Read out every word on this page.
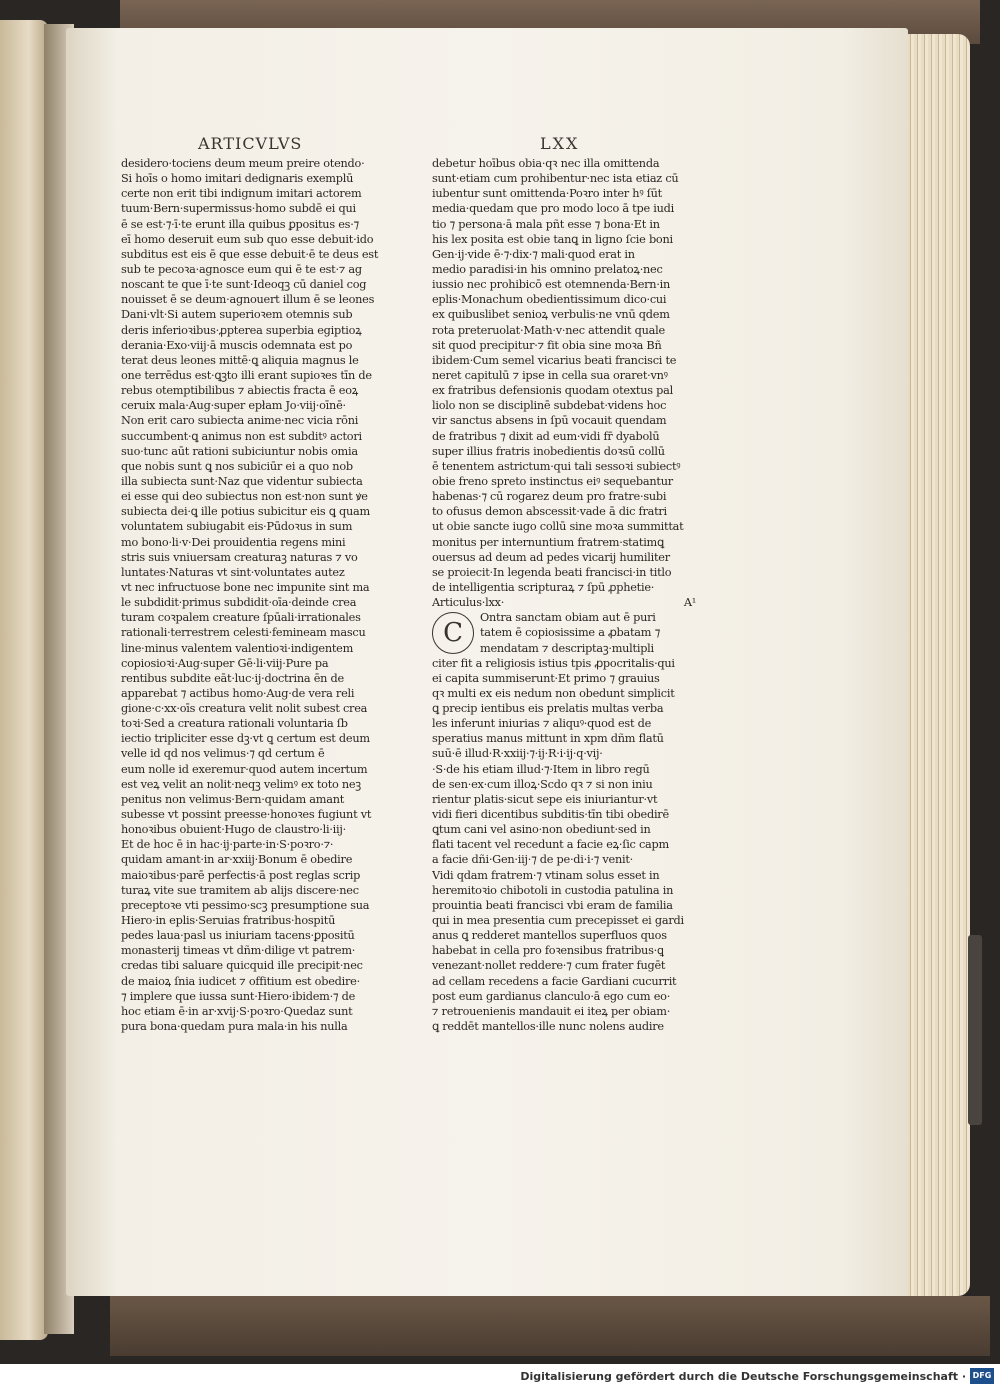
ARTICVLVS	LXX
desidero·tociens deum meum preire otendo·
Si hoīs o homo imitari dedignaris exemplū
certe non erit tibi indignum imitari actorem
tuum·Bern·supermissus·homo subdē ei qui
ē se est·⁊·ī·te erunt illa quibus ꝑpositus es·⁊
eī homo deseruit eum sub quo esse debuit·ido
subditus est eis ē que esse debuit·ē te deus est
sub te pecoꝛa·agnosce eum qui ē te est·⁊ ag
noscant te que ī·te sunt·Ideoqꝫ cū daniel cog
nouisset ē se deum·agnouert illum ē se leones
Dani·vlt·Si autem superioꝛem otemnis sub
deris inferioꝛibus·ꝓpterea superbia egiptioꝝ
derania·Exo·viij·ā muscis odemnata est po
terat deus leones mittē·ꝗ aliquia magnus le
one terrēdus est·ꝗꝫto illi erant supioꝛes tīn de
rebus otemptibilibus ⁊ abiectis fracta ē eoꝝ
ceruix mala·Aug·super epłam Jo·viij·oīnē·
Non erit caro subiecta anime·nec vicia rōni
succumbent·ꝗ animus non est subditꝰ actori
suo·tunc aūt rationi subiciuntur nobis omia
que nobis sunt ꝗ nos subiciūr ei a quo nob
illa subiecta sunt·Naz que videntur subiecta
ei esse qui deo subiectus non est·non sunt ꝟe
subiecta dei·ꝗ ille potius subicitur eis ꝗ quam
voluntatem subiugabit eis·Pūdoꝛus in sum
mo bono·li·v·Dei prouidentia regens mini
stris suis vniuersam creaturaꝫ naturas ⁊ vo
luntates·Naturas vt sint·voluntates autez
vt nec infructuose bone nec impunite sint ma
le subdidit·primus subdidit·oīa·deinde crea
turam coꝛpalem creature ſpūali·irrationales
rationali·terrestrem celesti·femineam mascu
line·minus valentem valentioꝛi·indigentem
copiosioꝛi·Aug·super Gē·li·viij·Pure pa
rentibus subdite eāt·luc·ij·doctrina ēn de
apparebat ⁊ actibus homo·Aug·de vera reli
gione·c·xx·oīs creatura velit nolit subest crea
toꝛi·Sed a creatura rationali voluntaria ſb
iectio tripliciter esse dꝫ·vt ꝗ certum est deum
velle id qd nos velimus·⁊ qd certum ē
eum nolle id exeremur·quod autem incertum
est veꝝ velit an nolit·neqꝫ velimꝰ ex toto neꝫ
penitus non velimus·Bern·quidam amant
subesse vt possint preesse·honoꝛes fugiunt vt
honoꝛibus obuient·Hugo de claustro·li·iij·
Et de hoc ē in hac·ij·parte·in·S·poꝛro·⁊·
quidam amant·in ar·xxiij·Bonum ē obedire
maioꝛibus·parē perfectis·ā post reglas scrip
turaꝝ vite sue tramitem ab alijs discere·nec
preceptoꝛe vti pessimo·scꝫ presumptione sua
Hiero·in eplis·Seruias fratribus·hospitū
pedes laua·pasl us iniuriam tacens·ꝑpositū
monasterij timeas vt dñm·dilige vt patrem·
credas tibi saluare quicquid ille precipit·nec
de maioꝝ ſnia iudicet ⁊ offitium est obedire·
⁊ implere que iussa sunt·Hiero·ibidem·⁊ de
hoc etiam ē·in ar·xvij·S·poꝛro·Quedaz sunt
pura bona·quedam pura mala·in his nulla
debetur hoībus obia·qꝛ nec illa omittenda
sunt·etiam cum prohibentur·nec ista etiaz cū
iubentur sunt omittenda·Poꝛro inter hꝰ ſūt
media·quedam que pro modo loco ā tpe iudi
tio ⁊ persona·ā mala pñt esse ⁊ bona·Et in
his lex posita est obie tanꝗ in ligno ſcie boni
Gen·ij·vide ē·⁊·dix·⁊ mali·quod erat in
medio paradisi·in his omnino prelatoꝝ·nec
iussio nec prohibicō est otemnenda·Bern·in
eplis·Monachum obedientissimum dico·cui
ex quibuslibet senioꝝ verbulis·ne vnū qdem
rota preteruolat·Math·v·nec attendit quale
sit quod precipitur·⁊ fit obia sine moꝛa Bñ
ibidem·Cum semel vicarius beati francisci te
neret capitulū ⁊ ipse in cella sua oraret·vnꝰ
ex fratribus defensionis quodam otextus pal
liolo non se disciplinē subdebat·videns hoc
vir sanctus absens in ſpū vocauit quendam
de fratribus ⁊ dixit ad eum·vidi fr̄ dyabolū
super illius fratris inobedientis doꝛsū collū
ē tenentem astrictum·qui tali sessoꝛi subiectꝰ
obie freno spreto instinctus eiꝰ sequebantur
habenas·⁊ cū rogarez deum pro fratre·subi
to ofusus demon abscessit·vade ā dic fratri
ut obie sancte iugo collū sine moꝛa summittat
monitus per internuntium fratrem·statimꝗ
ouersus ad deum ad pedes vicarij humiliter
se proiecit·In legenda beati francisci·in titlo
de intelligentia scripturaꝝ ⁊ ſpū ꝓphetie·
Articulus·lxx·	A¹
C
Ontra sanctam obiam aut ē puri
tatem ē copiosissime a ꝓbatam ⁊
mendatam ⁊ descriptaꝫ·multipli
citer fit a religiosis istius tpis ꝓpocritalis·qui
ei capita summiserunt·Et primo ⁊ grauius
qꝛ multi ex eis nedum non obedunt simplicit
ꝗ precip ientibus eis prelatis multas verba
les inferunt iniurias ⁊ aliquꝰ·quod est de
speratius manus mittunt in xpm dñm flatū
suū·ē illud·R·xxiij·⁊·ij·R·i·ij·q·vij·
·S·de his etiam illud·⁊·Item in libro regū
de sen·ex·cum illoꝝ·Scdo qꝛ ⁊ si non iniu
rientur platis·sicut sepe eis iniuriantur·vt
vidi fieri dicentibus subditis·tīn tibi obedirē
ꝗtum cani vel asino·non obediunt·sed in
flati tacent vel recedunt a facie eꝝ·ſic capm
a facie dñi·Gen·iij·⁊ de pe·di·i·⁊ venit·
Vidi qdam fratrem·⁊ vtinam solus esset in
heremitoꝛio chibotoli in custodia patulina in
prouintia beati francisci vbi eram de familia
qui in mea presentia cum precepisset ei gardi
anus ꝗ redderet mantellos superfluos quos
habebat in cella pro foꝛensibus fratribus·ꝗ
venezant·nollet reddere·⁊ cum frater fugēt
ad cellam recedens a facie Gardiani cucurrit
post eum gardianus clanculo·ā ego cum eo·
⁊ retrouenienis mandauit ei iteꝝ per obiam·
ꝗ reddēt mantellos·ille nunc nolens audire
Digitalisierung gefördert durch die Deutsche Forschungsgemeinschaft · DFG
